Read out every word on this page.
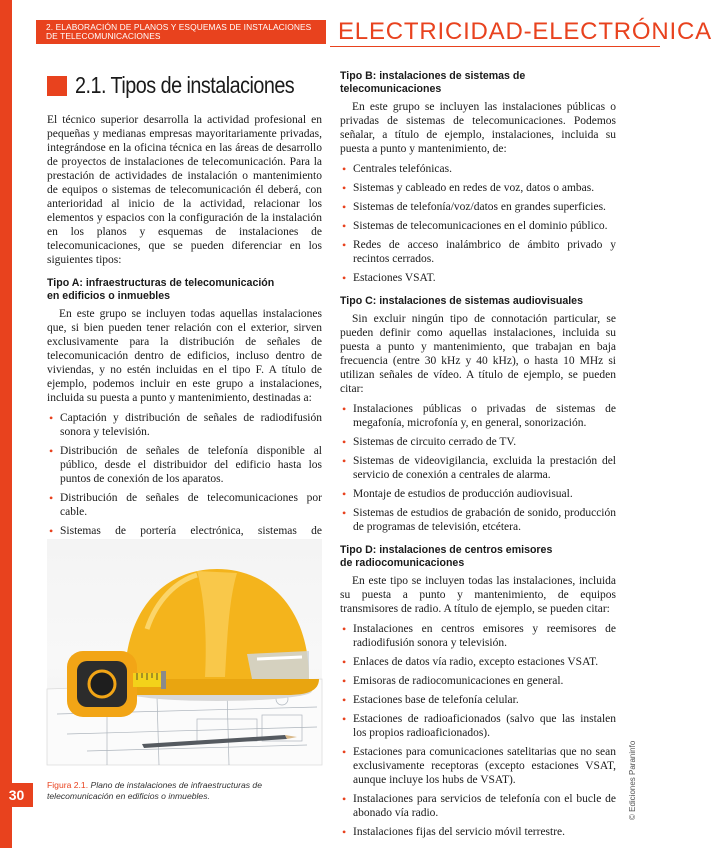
2. ELABORACIÓN DE PLANOS Y ESQUEMAS DE INSTALACIONES
DE TELECOMUNICACIONES	ELECTRICIDAD-ELECTRÓNICA
2.1. Tipos de instalaciones

El técnico superior desarrolla la actividad profesional en pequeñas y medianas empresas mayoritariamente privadas, integrándose en la oficina técnica en las áreas de desarrollo de proyectos de instalaciones de telecomunicación. Para la prestación de actividades de instalación o mantenimiento de equipos o sistemas de telecomunicación él deberá, con anterioridad al inicio de la actividad, relacionar los elementos y espacios con la configuración de la instalación en los planos y esquemas de instalaciones de telecomunicaciones, que se pueden diferenciar en los siguientes tipos:

Tipo A: infraestructuras de telecomunicación
en edificios o inmuebles

En este grupo se incluyen todas aquellas instalaciones que, si bien pueden tener relación con el exterior, sirven exclusivamente para la distribución de señales de telecomunicación dentro de edificios, incluso dentro de viviendas, y no estén incluidas en el tipo F. A título de ejemplo, podemos incluir en este grupo a instalaciones, incluida su puesta a punto y mantenimiento, destinadas a:

• Captación y distribución de señales de radiodifusión sonora y televisión.
• Distribución de señales de telefonía disponible al público, desde el distribuidor del edificio hasta los puntos de conexión de los aparatos.
• Distribución de señales de telecomunicaciones por cable.
• Sistemas de portería electrónica, sistemas de
Figura 2.1. Plano de instalaciones de infraestructuras de telecomunicación en edificios o inmuebles.
Tipo B: instalaciones de sistemas de telecomunicaciones

En este grupo se incluyen las instalaciones públicas o privadas de sistemas de telecomunicaciones. Podemos señalar, a título de ejemplo, instalaciones, incluida su puesta a punto y mantenimiento, de:

• Centrales telefónicas.
• Sistemas y cableado en redes de voz, datos o ambas.
• Sistemas de telefonía/voz/datos en grandes superficies.
• Sistemas de telecomunicaciones en el dominio público.
• Redes de acceso inalámbrico de ámbito privado y recintos cerrados.
• Estaciones VSAT.
Tipo C: instalaciones de sistemas audiovisuales

Sin excluir ningún tipo de connotación particular, se pueden definir como aquellas instalaciones, incluida su puesta a punto y mantenimiento, que trabajan en baja frecuencia (entre 30 kHz y 40 kHz), o hasta 10 MHz si utilizan señales de vídeo. A título de ejemplo, se pueden citar:

• Instalaciones públicas o privadas de sistemas de megafonía, microfonía y, en general, sonorización.
• Sistemas de circuito cerrado de TV.
• Sistemas de videovigilancia, excluida la prestación del servicio de conexión a centrales de alarma.
• Montaje de estudios de producción audiovisual.
• Sistemas de estudios de grabación de sonido, producción de programas de televisión, etcétera.
Tipo D: instalaciones de centros emisores
de radiocomunicaciones

En este tipo se incluyen todas las instalaciones, incluida su puesta a punto y mantenimiento, de equipos transmisores de radio. A título de ejemplo, se pueden citar:

• Instalaciones en centros emisores y reemisores de radiodifusión sonora y televisión.
• Enlaces de datos vía radio, excepto estaciones VSAT.
• Emisoras de radiocomunicaciones en general.
• Estaciones base de telefonía celular.
• Estaciones de radioaficionados (salvo que las instalen los propios radioaficionados).
• Estaciones para comunicaciones satelitarias que no sean exclusivamente receptoras (excepto estaciones VSAT, aunque incluye los hubs de VSAT).
• Instalaciones para servicios de telefonía con el bucle de abonado vía radio.
• Instalaciones fijas del servicio móvil terrestre.
30	© Ediciones Paraninfo
